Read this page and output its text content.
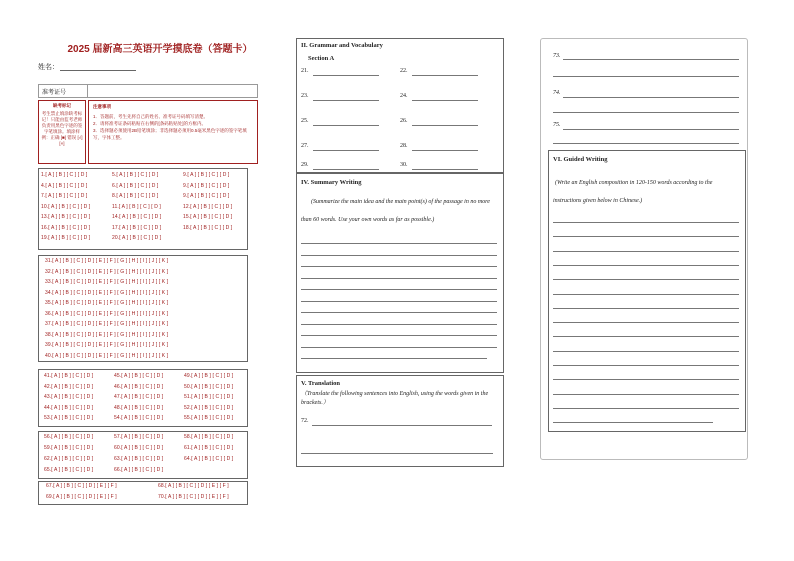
2025 届新高三英语开学摸底卷（答题卡）
姓名：
准考证号
缺考标记
考生禁止填涂缺考标记！只能由监考老师负责用黑色字迹的签字笔填涂。填涂样例：正确 [■] 错误 [√][×]
注意事项
1．答题前，考生先将自己的姓名、准考证号码填写清楚。
2．请将准考证条码粘贴在右侧的[条码粘贴处]的方框内。
3．选择题必须使用2B铅笔填涂；非选择题必须用0.5毫米黑色字迹的签字笔填写，字体工整。
1.[ A ] [ B ] [ C ] [ D ]	5.[ A ] [ B ] [ C ] [ D ]	9.[ A ] [ B ] [ C ] [ D ]
4.[ A ] [ B ] [ C ] [ D ]	6.[ A ] [ B ] [ C ] [ D ]	9.[ A ] [ B ] [ C ] [ D ]
7.[ A ] [ B ] [ C ] [ D ]	8.[ A ] [ B ] [ C ] [ D ]	9.[ A ] [ B ] [ C ] [ D ]
10.[ A ] [ B ] [ C ] [ D ]	11.[ A ] [ B ] [ C ] [ D ]	12.[ A ] [ B ] [ C ] [ D ]
13.[ A ] [ B ] [ C ] [ D ]	14.[ A ] [ B ] [ C ] [ D ]	15.[ A ] [ B ] [ C ] [ D ]
16.[ A ] [ B ] [ C ] [ D ]	17.[ A ] [ B ] [ C ] [ D ]	18.[ A ] [ B ] [ C ] [ D ]
19.[ A ] [ B ] [ C ] [ D ]	20.[ A ] [ B ] [ C ] [ D ]
31.[ A ] [ B ] [ C ] [ D ] [ E ] [ F ] [ G ] [ H ] [ I ] [ J ] [ K ]
32.[ A ] [ B ] [ C ] [ D ] [ E ] [ F ] [ G ] [ H ] [ I ] [ J ] [ K ]
33.[ A ] [ B ] [ C ] [ D ] [ E ] [ F ] [ G ] [ H ] [ I ] [ J ] [ K ]
34.[ A ] [ B ] [ C ] [ D ] [ E ] [ F ] [ G ] [ H ] [ I ] [ J ] [ K ]
35.[ A ] [ B ] [ C ] [ D ] [ E ] [ F ] [ G ] [ H ] [ I ] [ J ] [ K ]
36.[ A ] [ B ] [ C ] [ D ] [ E ] [ F ] [ G ] [ H ] [ I ] [ J ] [ K ]
37.[ A ] [ B ] [ C ] [ D ] [ E ] [ F ] [ G ] [ H ] [ I ] [ J ] [ K ]
38.[ A ] [ B ] [ C ] [ D ] [ E ] [ F ] [ G ] [ H ] [ I ] [ J ] [ K ]
39.[ A ] [ B ] [ C ] [ D ] [ E ] [ F ] [ G ] [ H ] [ I ] [ J ] [ K ]
40.[ A ] [ B ] [ C ] [ D ] [ E ] [ F ] [ G ] [ H ] [ I ] [ J ] [ K ]
41.[ A ] [ B ] [ C ] [ D ]	45.[ A ] [ B ] [ C ] [ D ]	49.[ A ] [ B ] [ C ] [ D ]
42.[ A ] [ B ] [ C ] [ D ]	46.[ A ] [ B ] [ C ] [ D ]	50.[ A ] [ B ] [ C ] [ D ]
43.[ A ] [ B ] [ C ] [ D ]	47.[ A ] [ B ] [ C ] [ D ]	51.[ A ] [ B ] [ C ] [ D ]
44.[ A ] [ B ] [ C ] [ D ]	48.[ A ] [ B ] [ C ] [ D ]	52.[ A ] [ B ] [ C ] [ D ]
53.[ A ] [ B ] [ C ] [ D ]	54.[ A ] [ B ] [ C ] [ D ]	55.[ A ] [ B ] [ C ] [ D ]
56.[ A ] [ B ] [ C ] [ D ]	57.[ A ] [ B ] [ C ] [ D ]	58.[ A ] [ B ] [ C ] [ D ]
59.[ A ] [ B ] [ C ] [ D ]	60.[ A ] [ B ] [ C ] [ D ]	61.[ A ] [ B ] [ C ] [ D ]
62.[ A ] [ B ] [ C ] [ D ]	63.[ A ] [ B ] [ C ] [ D ]	64.[ A ] [ B ] [ C ] [ D ]
65.[ A ] [ B ] [ C ] [ D ]	66.[ A ] [ B ] [ C ] [ D ]
67.[ A ] [ B ] [ C ] [ D ] [ E ] [ F ]	68.[ A ] [ B ] [ C ] [ D ] [ E ] [ F ]
69.[ A ] [ B ] [ C ] [ D ] [ E ] [ F ]	70.[ A ] [ B ] [ C ] [ D ] [ E ] [ F ]
II. Grammar and Vocabulary
Section A
21.	22.
23.	24.
25.	26.
27.	28.
29.	30.
IV. Summary Writing
(Summarize the main idea and the main point(s) of the passage in no more than 60 words. Use your own words as far as possible.)
V. Translation
（Translate the following sentences into English, using the words given in the brackets.）
72.
73.
74.
75.
VI. Guided Writing
(Write an English composition in 120-150 words according to the instructions given below in Chinese.)
